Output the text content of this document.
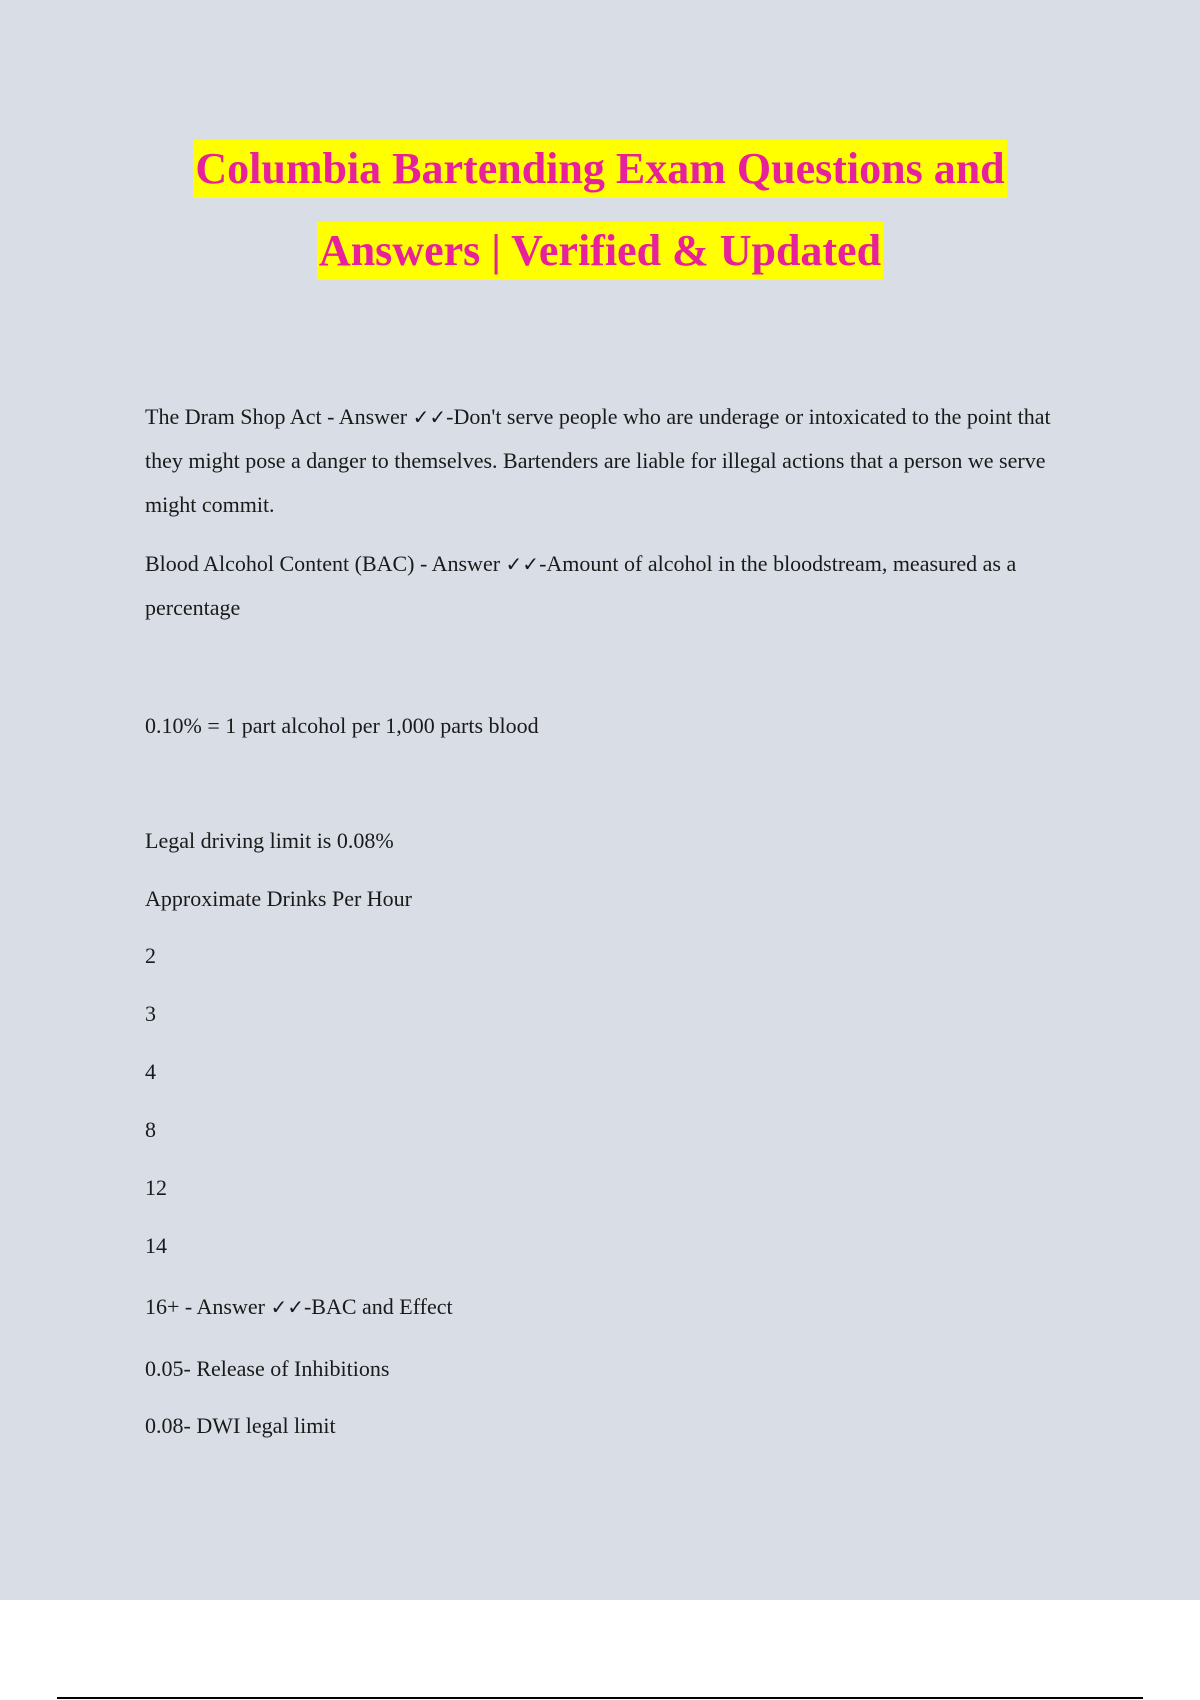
Columbia Bartending Exam Questions and
Answers | Verified & Updated

The Dram Shop Act - Answer ✓✓-Don't serve people who are underage or intoxicated to the point that they might pose a danger to themselves. Bartenders are liable for illegal actions that a person we serve might commit.

Blood Alcohol Content (BAC) - Answer ✓✓-Amount of alcohol in the bloodstream, measured as a percentage

0.10% = 1 part alcohol per 1,000 parts blood

Legal driving limit is 0.08%

Approximate Drinks Per Hour

2

3

4

8

12

14

16+ - Answer ✓✓-BAC and Effect

0.05- Release of Inhibitions

0.08- DWI legal limit
